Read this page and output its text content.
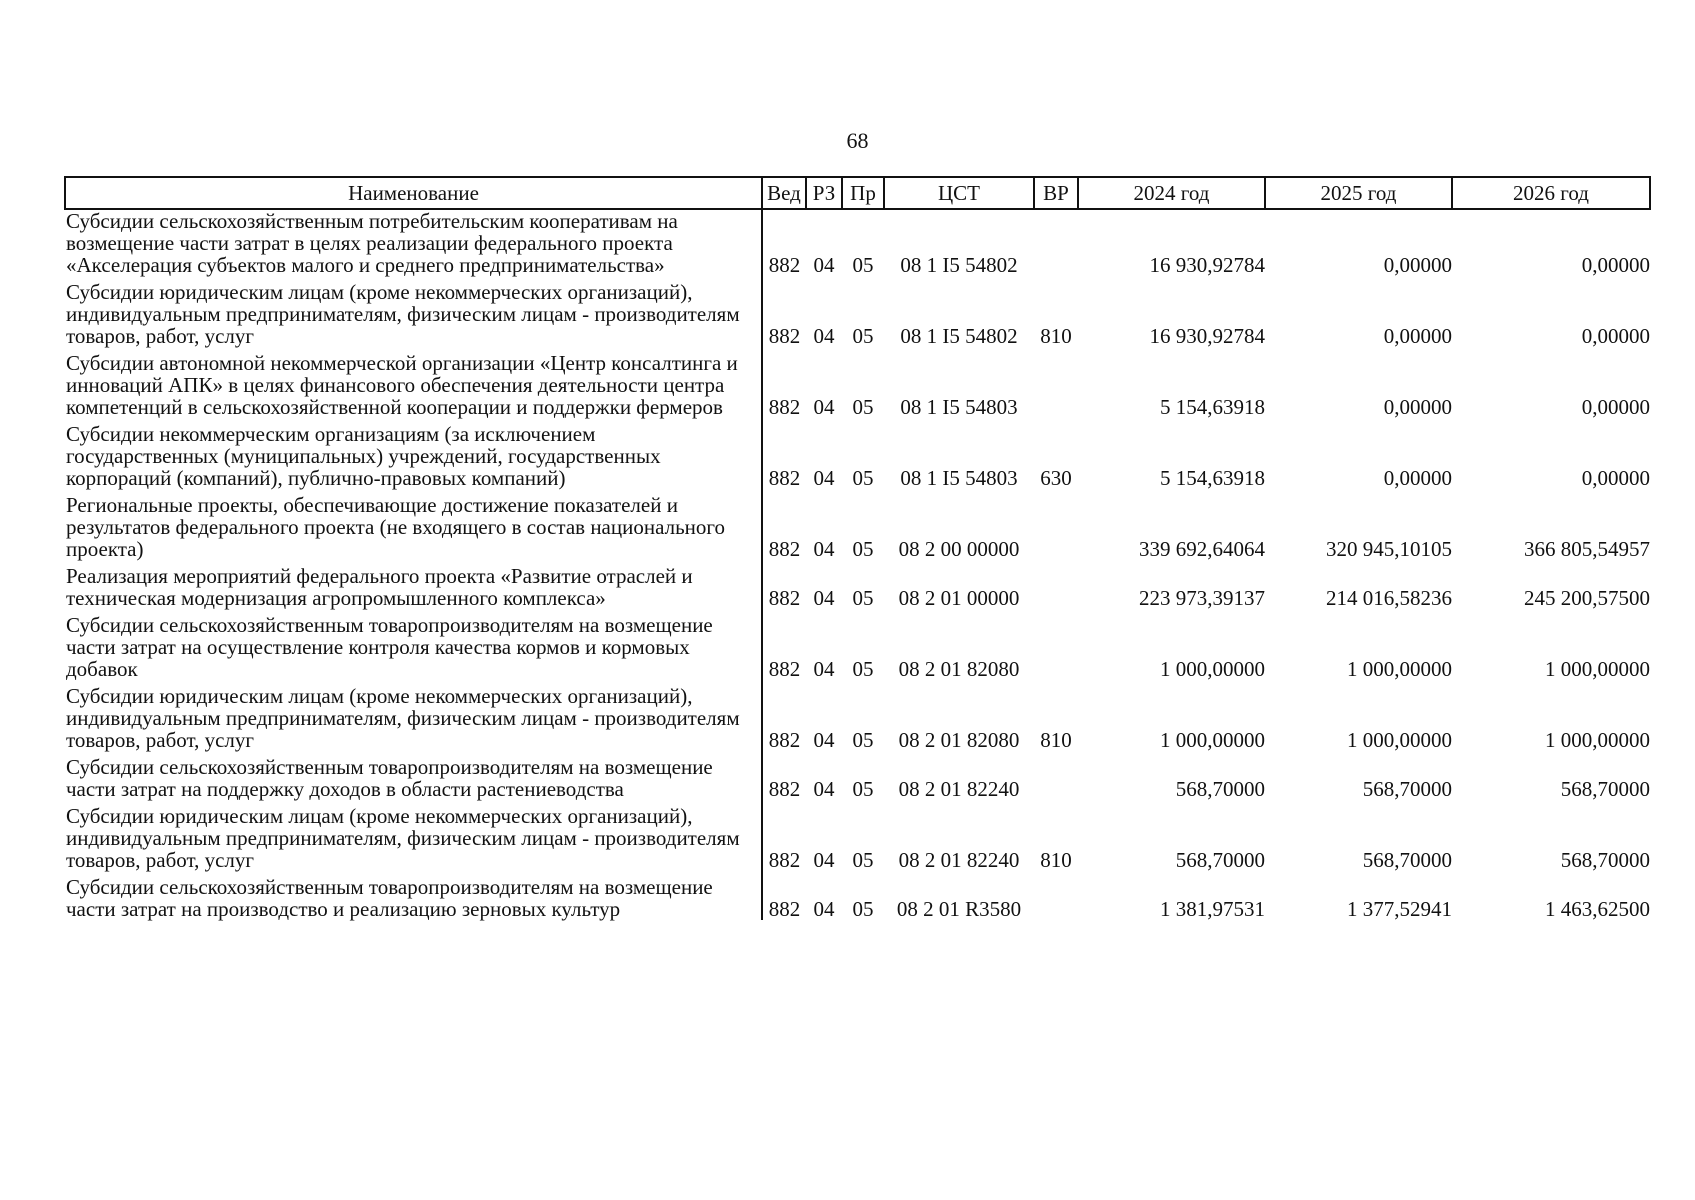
68
Наименование	Вед	РЗ	Пр	ЦСТ	ВР	2024 год	2025 год	2026 год
Субсидии сельскохозяйственным потребительским кооперативам на возмещение части затрат в целях реализации федерального проекта «Акселерация субъектов малого и среднего предпринимательства»	882	04	05	08 1 I5 54802		16 930,92784	0,00000	0,00000

Субсидии юридическим лицам (кроме некоммерческих организаций), индивидуальным предпринимателям, физическим лицам - производителям товаров, работ, услуг	882	04	05	08 1 I5 54802	810	16 930,92784	0,00000	0,00000

Субсидии автономной некоммерческой организации «Центр консалтинга и инноваций АПК» в целях финансового обеспечения деятельности центра компетенций в сельскохозяйственной кооперации и поддержки фермеров	882	04	05	08 1 I5 54803		5 154,63918	0,00000	0,00000

Субсидии некоммерческим организациям (за исключением государственных (муниципальных) учреждений, государственных корпораций (компаний), публично-правовых компаний)	882	04	05	08 1 I5 54803	630	5 154,63918	0,00000	0,00000

Региональные проекты, обеспечивающие достижение показателей и результатов федерального проекта (не входящего в состав национального проекта)	882	04	05	08 2 00 00000		339 692,64064	320 945,10105	366 805,54957

Реализация мероприятий федерального проекта «Развитие отраслей и техническая модернизация агропромышленного комплекса»	882	04	05	08 2 01 00000		223 973,39137	214 016,58236	245 200,57500

Субсидии сельскохозяйственным товаропроизводителям на возмещение части затрат на осуществление контроля качества кормов и кормовых добавок	882	04	05	08 2 01 82080		1 000,00000	1 000,00000	1 000,00000

Субсидии юридическим лицам (кроме некоммерческих организаций), индивидуальным предпринимателям, физическим лицам - производителям товаров, работ, услуг	882	04	05	08 2 01 82080	810	1 000,00000	1 000,00000	1 000,00000

Субсидии сельскохозяйственным товаропроизводителям на возмещение части затрат на поддержку доходов в области растениеводства	882	04	05	08 2 01 82240		568,70000	568,70000	568,70000

Субсидии юридическим лицам (кроме некоммерческих организаций), индивидуальным предпринимателям, физическим лицам - производителям товаров, работ, услуг	882	04	05	08 2 01 82240	810	568,70000	568,70000	568,70000

Субсидии сельскохозяйственным товаропроизводителям на возмещение части затрат на производство и реализацию зерновых культур	882	04	05	08 2 01 R3580		1 381,97531	1 377,52941	1 463,62500
